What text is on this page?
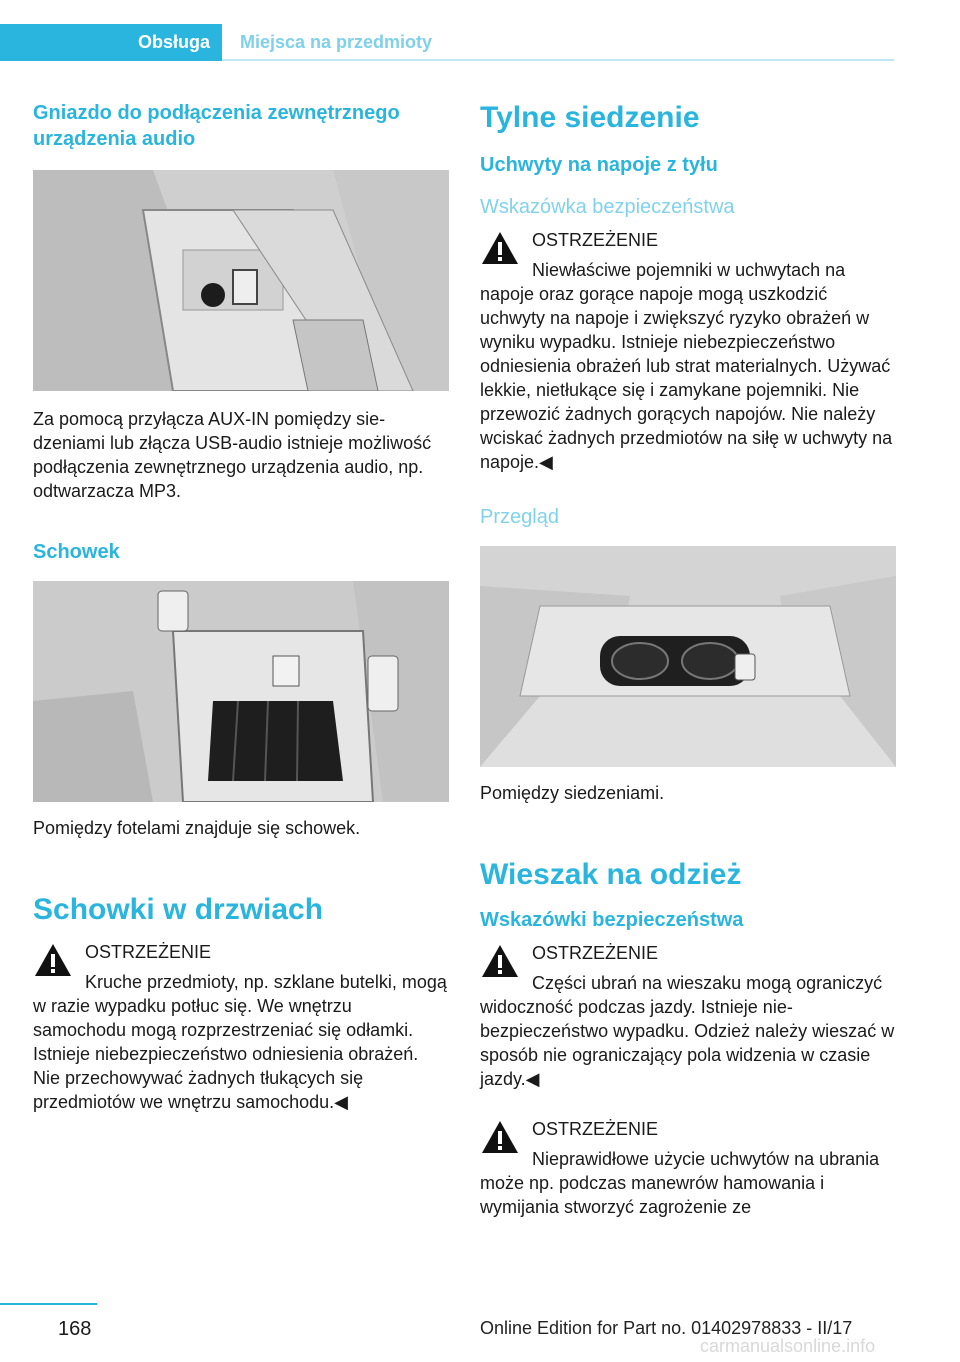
Obsługa	Miejsca na przedmioty
Gniazdo do podłączenia zewnętrznego urządzenia audio

Za pomocą przyłącza AUX-IN pomiędzy siedzeniami lub złącza USB-audio istnieje możliwość podłączenia zewnętrznego urządzenia audio, np. odtwarzacza MP3.

Schowek

Pomiędzy fotelami znajduje się schowek.

Schowki w drzwiach
OSTRZEŻENIE

Kruche przedmioty, np. szklane butelki, mogą w razie wypadku potłuc się. We wnętrzu samochodu mogą rozprzestrzeniać się odłamki. Istnieje niebezpieczeństwo odniesienia obrażeń. Nie przechowywać żadnych tłukących się przedmiotów we wnętrzu samochodu.◀

Tylne siedzenie
Uchwyty na napoje z tyłu
Wskazówka bezpieczeństwa
OSTRZEŻENIE

Niewłaściwe pojemniki w uchwytach na napoje oraz gorące napoje mogą uszkodzić uchwyty na napoje i zwiększyć ryzyko obrażeń w wyniku wypadku. Istnieje niebezpieczeństwo odniesienia obrażeń lub strat materialnych. Używać lekkie, nietłukące się i zamykane pojemniki. Nie przewozić żadnych gorących napojów. Nie należy wciskać żadnych przedmiotów na siłę w uchwyty na napoje.◀

Przegląd

Pomiędzy siedzeniami.

Wieszak na odzież
Wskazówki bezpieczeństwa
OSTRZEŻENIE

Części ubrań na wieszaku mogą ograniczyć widoczność podczas jazdy. Istnieje niebezpieczeństwo wypadku. Odzież należy wieszać w sposób nie ograniczający pola widzenia w czasie jazdy.◀

OSTRZEŻENIE

Nieprawidłowe użycie uchwytów na ubrania może np. podczas manewrów hamowania i wymijania stworzyć zagrożenie ze

168	Online Edition for Part no. 01402978833 - II/17
carmanualsonline.info
